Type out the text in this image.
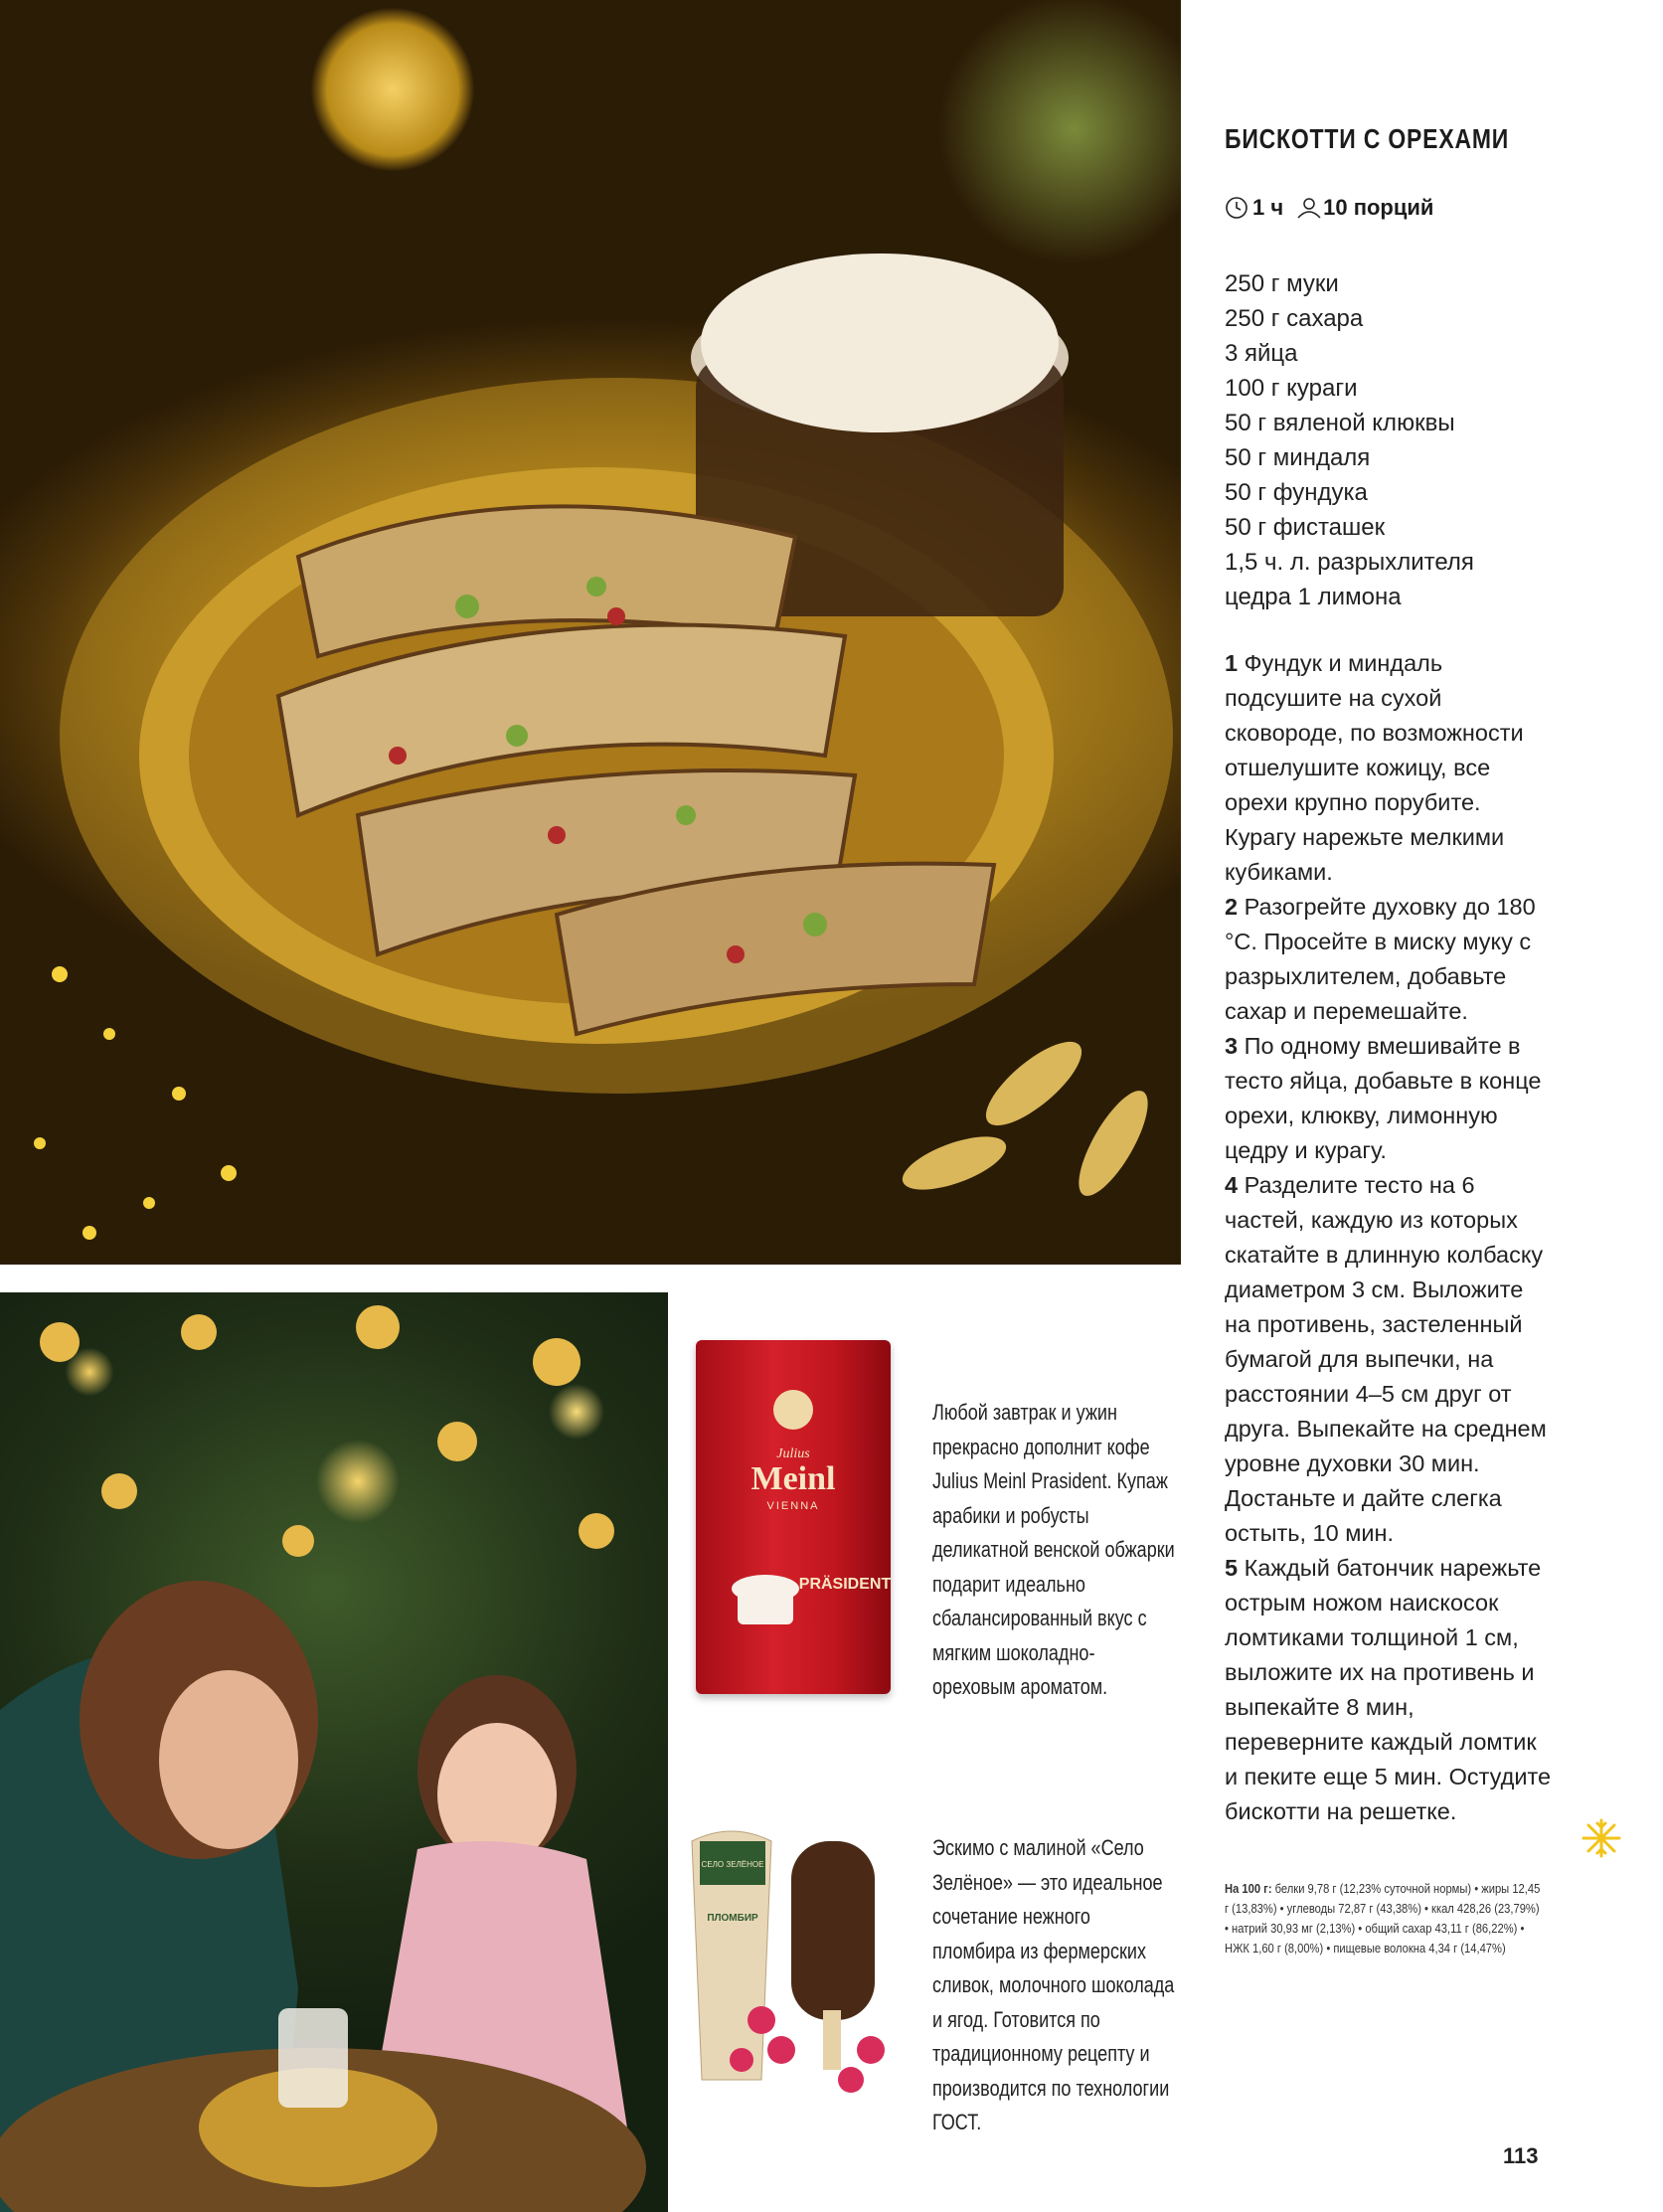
Julius
Meinl
VIENNA
PRÄSIDENT
СЕЛО ЗЕЛЁНОЕ
ПЛОМБИР
БИСКОТТИ С ОРЕХАМИ
1 ч 10 порций
250 г муки
250 г сахара
3 яйца
100 г кураги
50 г вяленой клюквы
50 г миндаля
50 г фундука
50 г фисташек
1,5 ч. л. разрыхлителя
цедра 1 лимона

1 Фундук и миндаль подсушите на сухой сковороде, по возможности отшелушите кожицу, все орехи крупно порубите. Курагу нарежьте мелкими кубиками.

2 Разогрейте духовку до 180 °С. Просейте в миску муку с разрыхлителем, добавьте сахар и перемешайте.

3 По одному вмешивайте в тесто яйца, добавьте в конце орехи, клюкву, лимонную цедру и курагу.

4 Разделите тесто на 6 частей, каждую из которых скатайте в длинную колбаску диаметром 3 см. Выложите на противень, застеленный бумагой для выпечки, на расстоянии 4–5 см друг от друга. Выпекайте на среднем уровне духовки 30 мин. Достаньте и дайте слегка остыть, 10 мин.

5 Каждый батончик нарежьте острым ножом наискосок ломтиками толщиной 1 см, выложите их на противень и выпекайте 8 мин, переверните каждый ломтик и пеките еще 5 мин. Остудите бискотти на решетке.

На 100 г: белки 9,78 г (12,23% суточной нормы) • жиры 12,45 г (13,83%) • углеводы 72,87 г (43,38%) • ккал 428,26 (23,79%) • натрий 30,93 мг (2,13%) • общий сахар 43,11 г (86,22%) • НЖК 1,60 г (8,00%) • пищевые волокна 4,34 г (14,47%)
Любой завтрак и ужин прекрасно дополнит кофе Julius Meinl Prasident. Купаж арабики и робусты деликатной венской обжарки подарит идеально сбалансированный вкус с мягким шоколадно-ореховым ароматом.
Эскимо с малиной «Село Зелёное» — это идеальное сочетание нежного пломбира из фермерских сливок, молочного шоколада и ягод. Готовится по традиционному рецепту и производится по технологии ГОСТ.
113
